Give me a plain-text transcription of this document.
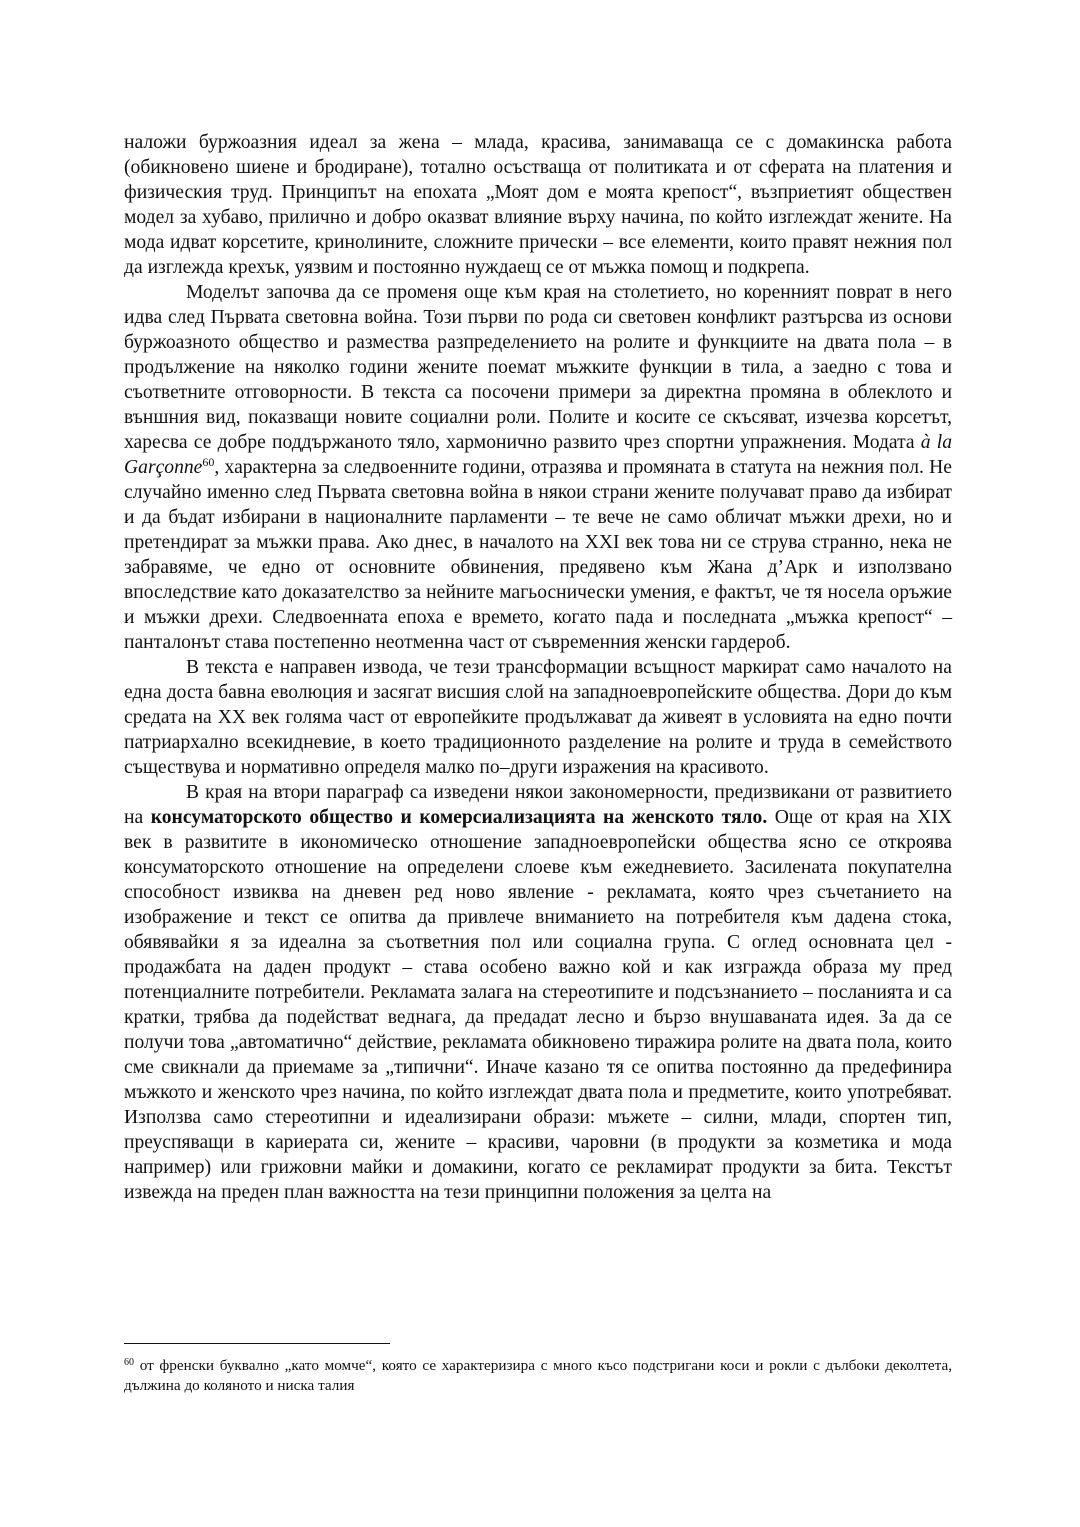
наложи буржоазния идеал за жена – млада, красива, занимаваща се с домакинска работа (обикновено шиене и бродиране), тотално осъстваща от политиката и от сферата на платения и физическия труд. Принципът на епохата „Моят дом е моята крепост“, възприетият обществен модел за хубаво, прилично и добро оказват влияние върху начина, по който изглеждат жените. На мода идват корсетите, кринолините, сложните прически – все елементи, които правят нежния пол да изглежда крехък, уязвим и постоянно нуждаещ се от мъжка помощ и подкрепа.

Моделът започва да се променя още към края на столетието, но коренният поврат в него идва след Първата световна война. Този първи по рода си световен конфликт разтърсва из основи буржоазното общество и размества разпределението на ролите и функциите на двата пола – в продължение на няколко години жените поемат мъжките функции в тила, а заедно с това и съответните отговорности. В текста са посочени примери за директна промяна в облеклото и външния вид, показващи новите социални роли. Полите и косите се скъсяват, изчезва корсетът, харесва се добре поддържаното тяло, хармонично развито чрез спортни упражнения. Модата à la Garçonne$^{60}$, характерна за следвоенните години, отразява и промяната в статута на нежния пол. Не случайно именно след Първата световна война в някои страни жените получават право да избират и да бъдат избирани в националните парламенти – те вече не само обличат мъжки дрехи, но и претендират за мъжки права. Ако днес, в началото на XXI век това ни се струва странно, нека не забравяме, че едно от основните обвинения, предявено към Жана д’Арк и използвано впоследствие като доказателство за нейните магьоснически умения, е фактът, че тя носела оръжие и мъжки дрехи. Следвоенната епоха е времето, когато пада и последната „мъжка крепост“ – панталонът става постепенно неотменна част от съвременния женски гардероб.

В текста е направен извода, че тези трансформации всъщност маркират само началото на една доста бавна еволюция и засягат висшия слой на западноевропейските общества. Дори до към средата на XX век голяма част от европейките продължават да живеят в условията на едно почти патриархално всекидневие, в което традиционното разделение на ролите и труда в семейството съществува и нормативно определя малко по–други изражения на красивото.

В края на втори параграф са изведени някои закономерности, предизвикани от развитието на консуматорското общество и комерсиализацията на женското тяло. Още от края на XIX век в развитите в икономическо отношение западноевропейски общества ясно се откроява консуматорското отношение на определени слоеве към ежедневието. Засилената покупателна способност извиква на дневен ред ново явление - рекламата, която чрез съчетанието на изображение и текст се опитва да привлече вниманието на потребителя към дадена стока, обявявайки я за идеална за съответния пол или социална група. С оглед основната цел - продажбата на даден продукт – става особено важно кой и как изгражда образа му пред потенциалните потребители. Рекламата залага на стереотипите и подсъзнанието – посланията и са кратки, трябва да подействат веднага, да предадат лесно и бързо внушаваната идея. За да се получи това „автоматично“ действие, рекламата обикновено тиражира ролите на двата пола, които сме свикнали да приемаме за „типични“. Иначе казано тя се опитва постоянно да предефинира мъжкото и женското чрез начина, по който изглеждат двата пола и предметите, които употребяват. Използва само стереотипни и идеализирани образи: мъжете – силни, млади, спортен тип, преуспяващи в кариерата си, жените – красиви, чаровни (в продукти за козметика и мода например) или грижовни майки и домакини, когато се рекламират продукти за бита. Текстът извежда на преден план важността на тези принципни положения за целта на

$^{60}$ от френски буквално „като момче“, която се характеризира с много късо подстригани коси и рокли с дълбоки деколтета, дължина до коляното и ниска талия
